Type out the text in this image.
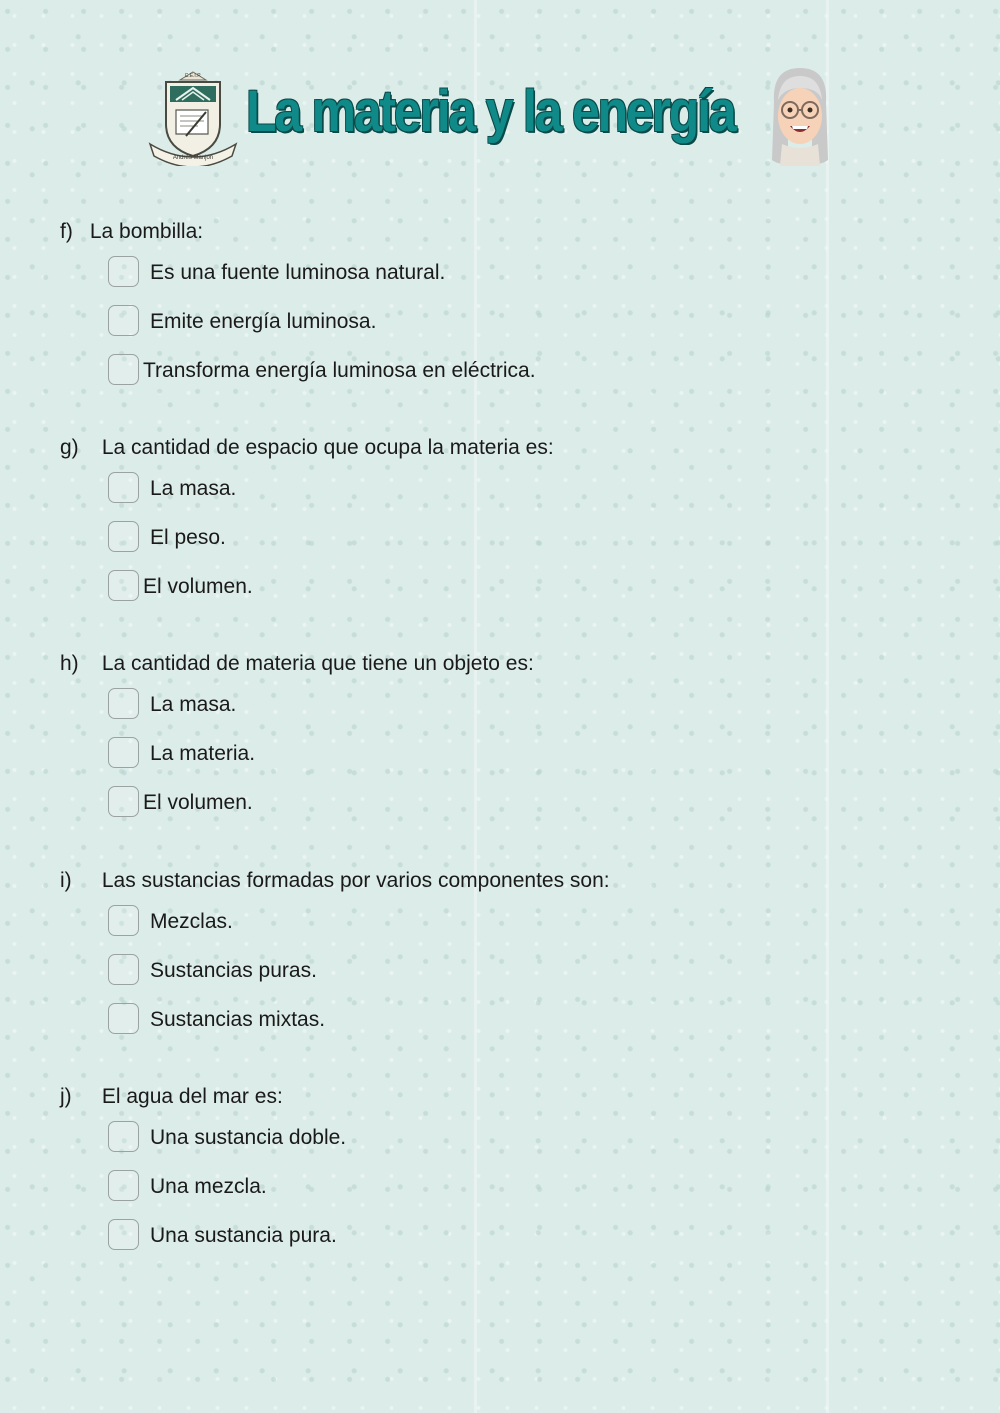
C.E.I.P.
Andrés Manjón
La materia y la energía
f) La bombilla:
Es una fuente luminosa natural.
Emite energía luminosa.
Transforma energía luminosa en eléctrica.
g) La cantidad de espacio que ocupa la materia es:
La masa.
El peso.
El volumen.
h) La cantidad de materia que tiene un objeto es:
La masa.
La materia.
El volumen.
i) Las sustancias formadas por varios componentes son:
Mezclas.
Sustancias puras.
Sustancias mixtas.
j) El agua del mar es:
Una sustancia doble.
Una mezcla.
Una sustancia pura.
